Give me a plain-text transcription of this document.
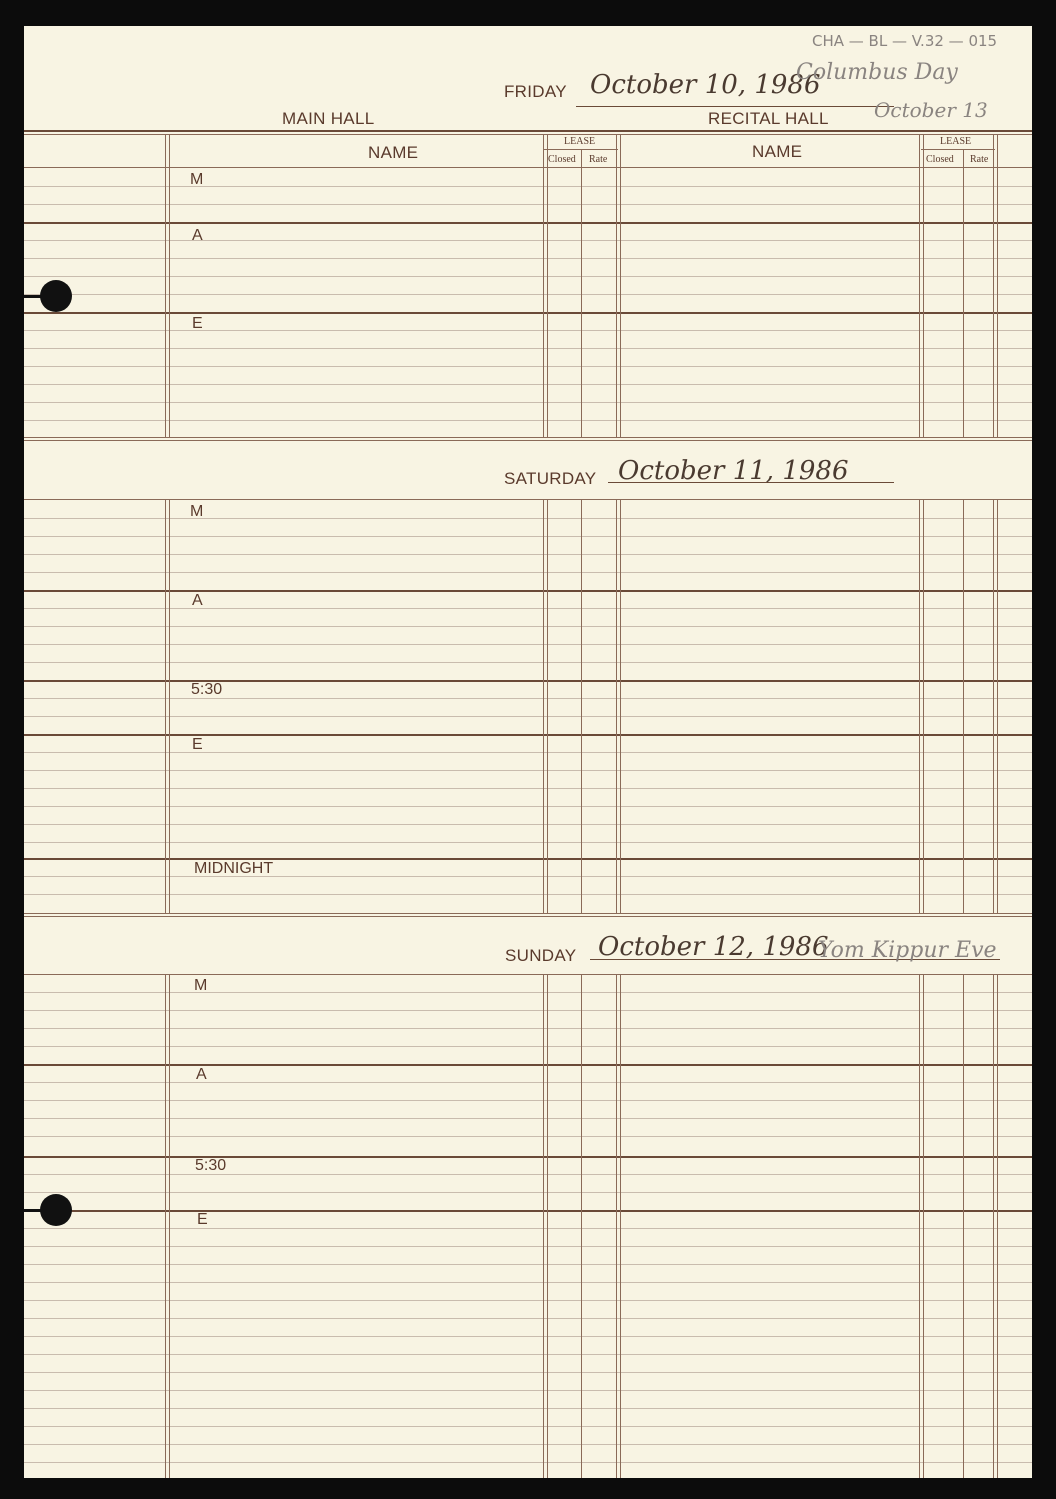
CHA — BL — V.32 — 015
FRIDAY October 10, 1986
Columbus Day
October 13
MAIN HALL	RECITAL HALL
NAME	NAME
LEASE
Closed Rate
LEASE
Closed Rate
M
A
E
SATURDAY October 11, 1986
M
A
5:30
E
MIDNIGHT
SUNDAY October 12, 1986
Yom Kippur Eve
M
A
5:30
E
